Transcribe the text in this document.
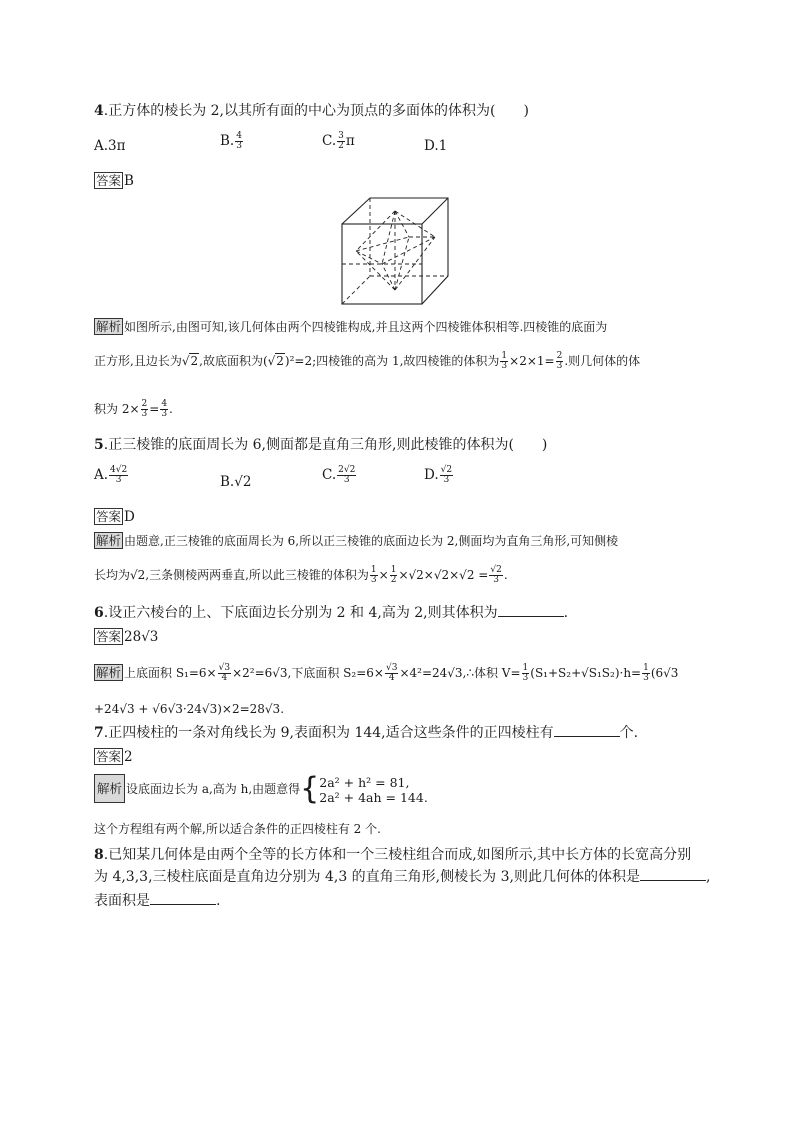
4.正方体的棱长为 2,以其所有面的中心为顶点的多面体的体积为(　　)
A.3π	B. $\frac{4}{3}$	C. $\frac{3}{2}$ π	D.1
答案 B
解析 如图所示,由图可知,该几何体由两个四棱锥构成,并且这两个四棱锥体积相等.四棱锥的底面为
正方形,且边长为√2,故底面积为(√2)²=2;四棱锥的高为 1,故四棱锥的体积为 $\frac{1}{3} \times 2\times 1= \frac{2}{3}$ .则几何体的体
积为 $2\times \frac{2}{3} = \frac{4}{3}$ .
5.正三棱锥的底面周长为 6,侧面都是直角三角形,则此棱锥的体积为(　　)
A. $\frac{4√2}{3}$	B.√2	C. $\frac{2√2}{3}$	D. $\frac{√2}{3}$
答案 D
解析 由题意,正三棱锥的底面周长为 6,所以正三棱锥的底面边长为 2,侧面均为直角三角形,可知侧棱
长均为√2,三条侧棱两两垂直,所以此三棱锥的体积为 $\frac{1}{3} \times \frac{1}{2} \times√2\times√2\times√2 = \frac{√2}{3}$ .
6.设正六棱台的上、下底面边长分别为 2 和 4,高为 2,则其体积为	.
答案 28√3
解析 上底面积 $S_1=6\times \frac{√3}{4} \times 2^2=6√3$,下底面积 $S_2=6\times \frac{√3}{4}$ ×4²=24√3,∴体积 $V= \frac{1}{3} (S_1+S_2+√S_1S_2)\cdot h= \frac{1}{3} (6√3$
+24√3 + √6√3·24√3)×2=28√3.
7.正四棱柱的一条对角线长为 9,表面积为 144,适合这些条件的正四棱柱有	个.
答案 2
解析 设底面边长为 a,高为 h,由题意得{ 2a² + h² = 81,
2a² + 4ah = 144.
这个方程组有两个解,所以适合条件的正四棱柱有 2 个.
8.已知某几何体是由两个全等的长方体和一个三棱柱组合而成,如图所示,其中长方体的长宽高分别
为 4,3,3,三棱柱底面是直角边分别为 4,3 的直角三角形,侧棱长为 3,则此几何体的体积是	,
表面积是	.
